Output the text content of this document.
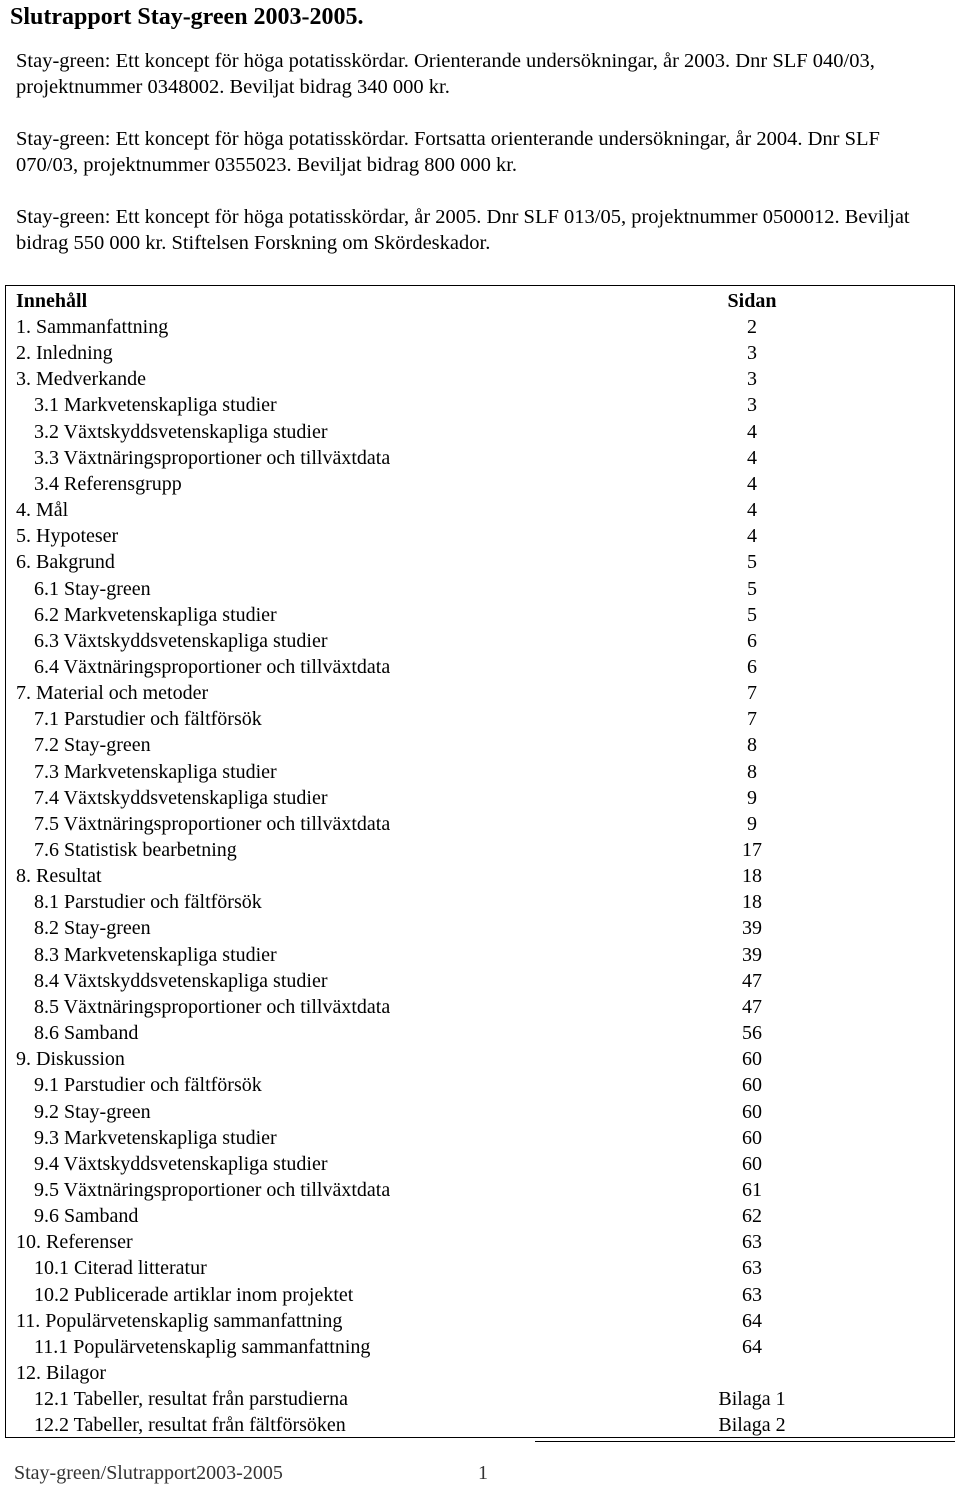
Slutrapport Stay-green 2003-2005.

Stay-green: Ett koncept för höga potatisskördar. Orienterande undersökningar, år 2003. Dnr SLF 040/03, projektnummer 0348002. Beviljat bidrag 340 000 kr.

Stay-green: Ett koncept för höga potatisskördar. Fortsatta orienterande undersökningar, år 2004. Dnr SLF 070/03, projektnummer 0355023. Beviljat bidrag 800 000 kr.

Stay-green: Ett koncept för höga potatisskördar, år 2005. Dnr SLF 013/05, projektnummer 0500012. Beviljat bidrag 550 000 kr. Stiftelsen Forskning om Skördeskador.

Innehåll	Sidan
1. Sammanfattning	2
2. Inledning	3
3. Medverkande	3
3.1 Markvetenskapliga studier	3
3.2 Växtskyddsvetenskapliga studier	4
3.3 Växtnäringsproportioner och tillväxtdata	4
3.4 Referensgrupp	4
4. Mål	4
5. Hypoteser	4
6. Bakgrund	5
6.1 Stay-green	5
6.2 Markvetenskapliga studier	5
6.3 Växtskyddsvetenskapliga studier	6
6.4 Växtnäringsproportioner och tillväxtdata	6
7. Material och metoder	7
7.1 Parstudier och fältförsök	7
7.2 Stay-green	8
7.3 Markvetenskapliga studier	8
7.4 Växtskyddsvetenskapliga studier	9
7.5 Växtnäringsproportioner och tillväxtdata	9
7.6 Statistisk bearbetning	17
8. Resultat	18
8.1 Parstudier och fältförsök	18
8.2 Stay-green	39
8.3 Markvetenskapliga studier	39
8.4 Växtskyddsvetenskapliga studier	47
8.5 Växtnäringsproportioner och tillväxtdata	47
8.6 Samband	56
9. Diskussion	60
9.1 Parstudier och fältförsök	60
9.2 Stay-green	60
9.3 Markvetenskapliga studier	60
9.4 Växtskyddsvetenskapliga studier	60
9.5 Växtnäringsproportioner och tillväxtdata	61
9.6 Samband	62
10. Referenser	63
10.1 Citerad litteratur	63
10.2 Publicerade artiklar inom projektet	63
11. Populärvetenskaplig sammanfattning	64
11.1 Populärvetenskaplig sammanfattning	64
12. Bilagor
12.1 Tabeller, resultat från parstudierna	Bilaga 1
12.2 Tabeller, resultat från fältförsöken	Bilaga 2
Stay-green/Slutrapport2003-2005	1
